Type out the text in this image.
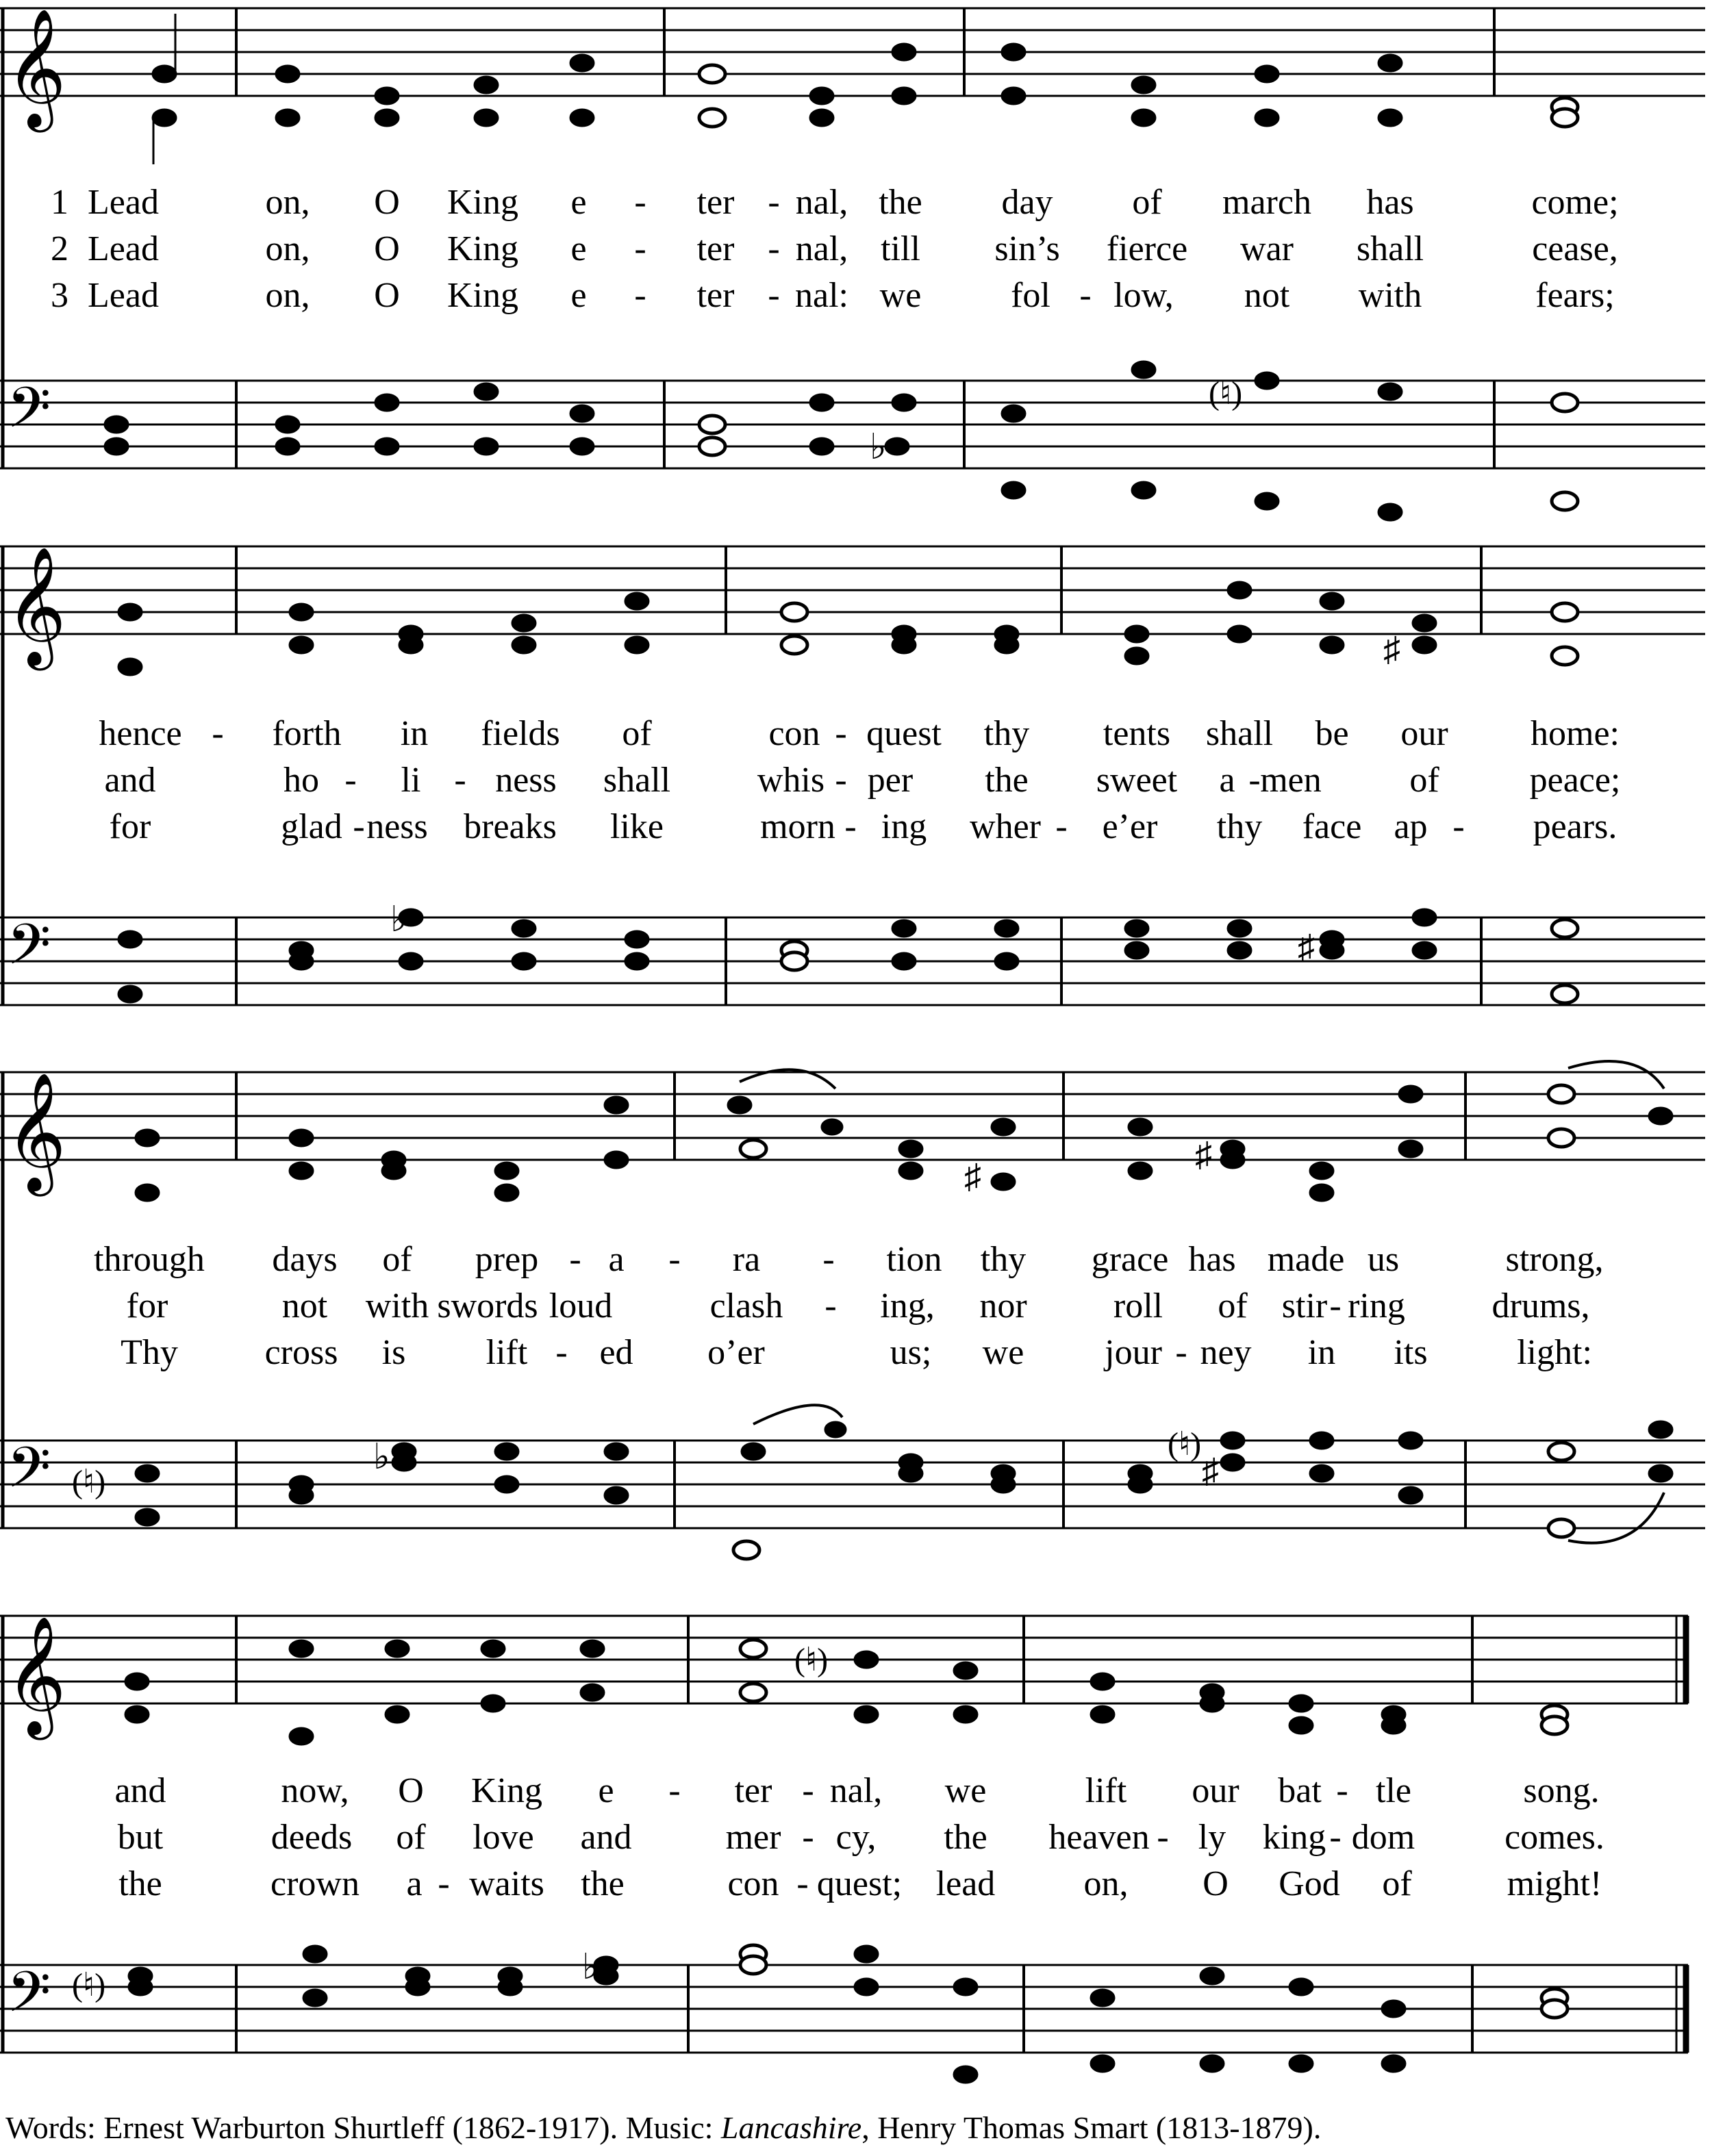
𝄞
𝄢	(♮)
♭
1 Lead	on, O King e - ter - nal, the day of march has	come;
2 Lead	on, O King e - ter - nal, till sin’s fierce war shall	cease,
3 Lead	on, O King e - ter - nal: we	fol - low, not with	fears;
𝄞
𝄢	♭
♯
♯
hence - forth in fields of	con - quest thy tents shall be our home:
and	ho - li - ness shall whis - per the sweet a - men of	peace;
for	glad - ness breaks like	morn - ing wher - e’er thy face ap - pears.
𝄞
𝄢 (♮)
(♮)
♭	♯
♯
♯
through days of prep - a - ra - tion thy grace has made us	strong,
for	not with swords loud	clash - ing, nor roll of stir - ring drums,
Thy cross is lift - ed o’er	us; we jour - ney in its	light:
𝄞
𝄢
(♮)
(♮)	♭
and	now, O King e - ter - nal, we	lift our bat - tle	song.
but	deeds of love and	mer - cy, the heaven - ly king - dom	comes.
the	crown a - waits the	con - quest; lead on, O God of	might!
Words: Ernest Warburton Shurtleff (1862-1917). Music: Lancashire, Henry Thomas Smart (1813-1879).
